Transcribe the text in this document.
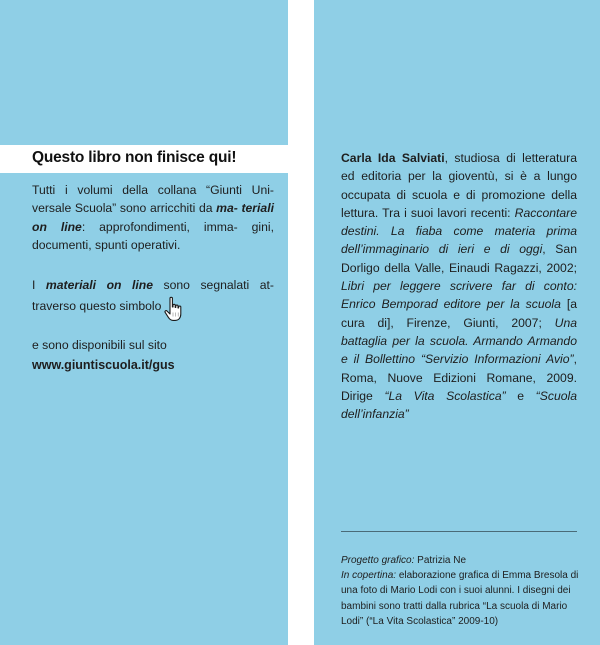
Questo libro non finisce qui!

Tutti i volumi della collana “Giunti Uni- versale Scuola” sono arricchiti da ma- teriali on line: approfondimenti, imma- gini, documenti, spunti operativi.

I materiali on line sono segnalati at- traverso questo simbolo

e sono disponibili sul sito

www.giuntiscuola.it/gus

Carla Ida Salviati, studiosa di letteratura ed editoria per la gioventù, si è a lungo occupata di scuola e di promozione della lettura. Tra i suoi lavori recenti: Raccontare destini. La fiaba come materia prima dell’immaginario di ieri e di oggi, San Dorligo della Valle, Einaudi Ragazzi, 2002; Libri per leggere scrivere far di conto: Enrico Bemporad editore per la scuola [a cura di], Firenze, Giunti, 2007; Una battaglia per la scuola. Armando Armando e il Bollettino “Servizio Informazioni Avio”, Roma, Nuove Edizioni Romane, 2009. Dirige “La Vita Scolastica” e “Scuola dell’infanzia”

Progetto grafico: Patrizia Ne

In copertina: elaborazione grafica di Emma Bresola di una foto di Mario Lodi con i suoi alunni. I disegni dei bambini sono tratti dalla rubrica “La scuola di Mario Lodi” (“La Vita Scolastica” 2009-10)
